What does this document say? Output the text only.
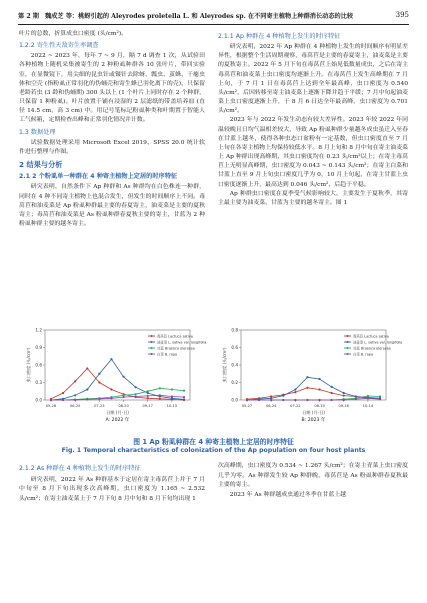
第 2 期 魏成芝 等：桃蚜引起的 Aleyrodes proletella L. 和 Aleyrodes sp. 在不同寄主植物上种群消长动态的比较	395

叶片的总数，折算成虫口密度 (头/cm²)。

1.2.2 寄生性天敌寄生率调查

2022 ~ 2023 年，每年 7 ~ 9 月，隔 7 d 调查 1 次，从试验田各种植物上随机采集被寄生的 2 种粉虱种群各 10 张叶片，带回实验室，在显微镜下，用尖细的昆虫针或镊针去除蚜、瓢虫、茧蜂、干瘪虫体和空壳 (指粉虱正常羽化的伪蛹壳和寄生蜂已羽化离下的壳)，只保留老龄若虫 (3 龄和伪蛹期) 300 头以上 (1 个叶片上同时存在 2 个种群，只保留 1 种粉虱)。叶片放置于铺有浸湿的 2 层滤纸的带盖培养皿 (直径 14.5 cm，高 3 cm) 中。用记号笔标记粉虱种类和叶期置于智能人工气候箱，定期检查出峰和正常羽化情况并计数。

1.3 数据处理

试验数据处理采用 Microsoft Excel 2019、SPSS 20.0 统计软件进行整理与作图。

2 结果与分析
2.1 2 个粉虱单一种群在 4 种寄主植物上定居的时序特征

研究表明，自然条件下 Ap 种群和 As 种群均在白色株连一种群，同时在 4 种不同寄主植物上也混合发生，但发生的时间顺序上不同。毒莴苣和油麦菜是 Ap 粉虱种群最主要的春夏寄主，油麦菜是主要的夏秋寄主；毒莴苣和油麦菜是 As 粉虱种群春夏秋主要的寄主，甘蓝为 2 种粉虱种群主要的越冬寄主。

2.1.1 Ap 种群在 4 种植物上发生的时序特征

研究表明，2022 年 Ap 种群在 4 种植物上发生的时间顺序有明显差异性，根据整个生活周期观察，毒莴苣是主要的春夏寄主，油麦菜是主要的夏秋寄主。2022 年 5 月下旬在毒莴苣上始见低数量成虫，之后在寄主毒莴苣和油麦菜上虫口密度均逐渐上升。在毒莴苣上发生高峰期在 7 月上旬，于 7 月 1 日在毒莴苣上达到全年最高峰，虫口密度为 0.540 头/cm²，后因转移至寄主油麦菜上逐渐下降并趋于平缓；7 月中旬起油麦菜上虫口密度逐渐上升，于 8 月 6 日达全年最高峰，虫口密度为 0.701 头/cm²。

2023 年与 2022 年发生动态有较大差异性。2023 年较 2022 年同温较晚且日均气温相差较大，导致 Ap 粉虱种群少量越冬成虫虽迁入至春在甘蓝上越冬，使得各种虫态口盆粉有一定基数，但虫口密度直至 7 月上旬在各寄主植物上均保持较低水平。8 月上旬和 8 月中旬在寄主油麦菜上 Ap 种群出现高峰期，其虫口密度均在 0.23 头/cm²以上；在寄主毒莴苣上无明显高峰期，虫口密度为 0.043 ~ 0.143 头/cm²；在寄主白菜和甘蓝上直至 9 月上旬虫口密度几乎为 0，10 月上旬起，在寄主甘蓝上虫口密度逐渐上升，最高达到 0.046 头/cm²，后趋于平稳。

Ap 种群虫口密度在夏季受气候影响较大，主要发生于夏秋季，其寄主最主要为油麦菜，甘蓝为主要的越冬寄主。图 1

0.0
0.3
0.6
0.9
1.2
05-28	06-25	07-23	08-20	09-17	10-15
日期 (月-日)
虫口密度 (头/cm²)
A: 2022 年
毒莴苣 Lactuca sativa
油麦菜 L. sativa var. longifolia
甘蓝 Brassica oleracea
白菜 B. rapa
0.0
0.2
0.4
0.6
0.8
05-27	06-24	07-22	08-19	09-16	10-14
日期 (月-日)
虫口密度 (头/cm²)
B: 2023 年
毒莴苣 Lactuca sativa
油麦菜 L. sativa var. longifolia
甘蓝 Brassica oleracea
白菜 B. rapa
图 1 Ap 粉虱种群在 4 种寄主植物上定居的时序特征
Fig. 1 Temporal characteristics of colonization of the Ap population on four host plants
2.1.2 As 种群在 4 种植物上发生的时序特征

研究表明，2022 年 As 种群基本于定居在寄主毒莴苣上并于 7 月中旬至 8 月下旬出现多次高峰期，虫口密度为 1.165 ~ 2.532 头/cm²；在寄主油麦菜上于 7 月下旬 8 月中旬和 8 月下旬均出现 1

次高峰期，虫口密度为 0.534 ~ 1.267 头/cm²；在寄主青菜上虫口密度几乎为零。As 种群发生较 Ap 种群晚，毒莴苣是 As 粉虱种群春夏秋最主要的寄主。

2023 年 As 种群越成虫通过冬季在甘蓝上越
